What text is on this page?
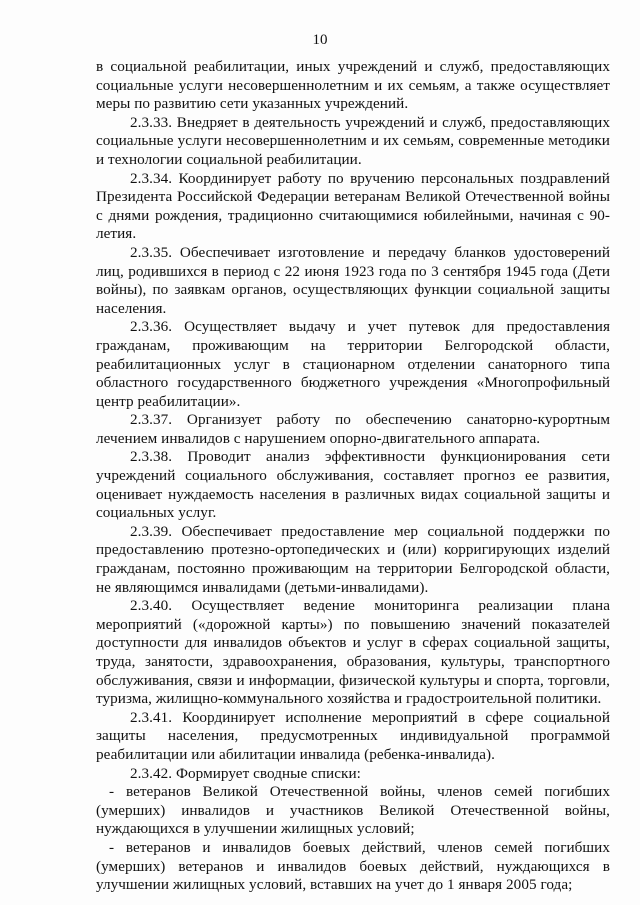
10

в социальной реабилитации, иных учреждений и служб, предоставляющих социальные услуги несовершеннолетним и их семьям, а также осуществляет меры по развитию сети указанных учреждений.

2.3.33. Внедряет в деятельность учреждений и служб, предоставляющих социальные услуги несовершеннолетним и их семьям, современные методики и технологии социальной реабилитации.

2.3.34. Координирует работу по вручению персональных поздравлений Президента Российской Федерации ветеранам Великой Отечественной войны с днями рождения, традиционно считающимися юбилейными, начиная с 90-летия.

2.3.35. Обеспечивает изготовление и передачу бланков удостоверений лиц, родившихся в период с 22 июня 1923 года по 3 сентября 1945 года (Дети войны), по заявкам органов, осуществляющих функции социальной защиты населения.

2.3.36. Осуществляет выдачу и учет путевок для предоставления гражданам, проживающим на территории Белгородской области, реабилитационных услуг в стационарном отделении санаторного типа областного государственного бюджетного учреждения «Многопрофильный центр реабилитации».

2.3.37. Организует работу по обеспечению санаторно-курортным лечением инвалидов с нарушением опорно-двигательного аппарата.

2.3.38. Проводит анализ эффективности функционирования сети учреждений социального обслуживания, составляет прогноз ее развития, оценивает нуждаемость населения в различных видах социальной защиты и социальных услуг.

2.3.39. Обеспечивает предоставление мер социальной поддержки по предоставлению протезно-ортопедических и (или) корригирующих изделий гражданам, постоянно проживающим на территории Белгородской области, не являющимся инвалидами (детьми-инвалидами).

2.3.40. Осуществляет ведение мониторинга реализации плана мероприятий («дорожной карты») по повышению значений показателей доступности для инвалидов объектов и услуг в сферах социальной защиты, труда, занятости, здравоохранения, образования, культуры, транспортного обслуживания, связи и информации, физической культуры и спорта, торговли, туризма, жилищно-коммунального хозяйства и градостроительной политики.

2.3.41. Координирует исполнение мероприятий в сфере социальной защиты населения, предусмотренных индивидуальной программой реабилитации или абилитации инвалида (ребенка-инвалида).

2.3.42. Формирует сводные списки:

- ветеранов Великой Отечественной войны, членов семей погибших (умерших) инвалидов и участников Великой Отечественной войны, нуждающихся в улучшении жилищных условий;

- ветеранов и инвалидов боевых действий, членов семей погибших (умерших) ветеранов и инвалидов боевых действий, нуждающихся в улучшении жилищных условий, вставших на учет до 1 января 2005 года;
